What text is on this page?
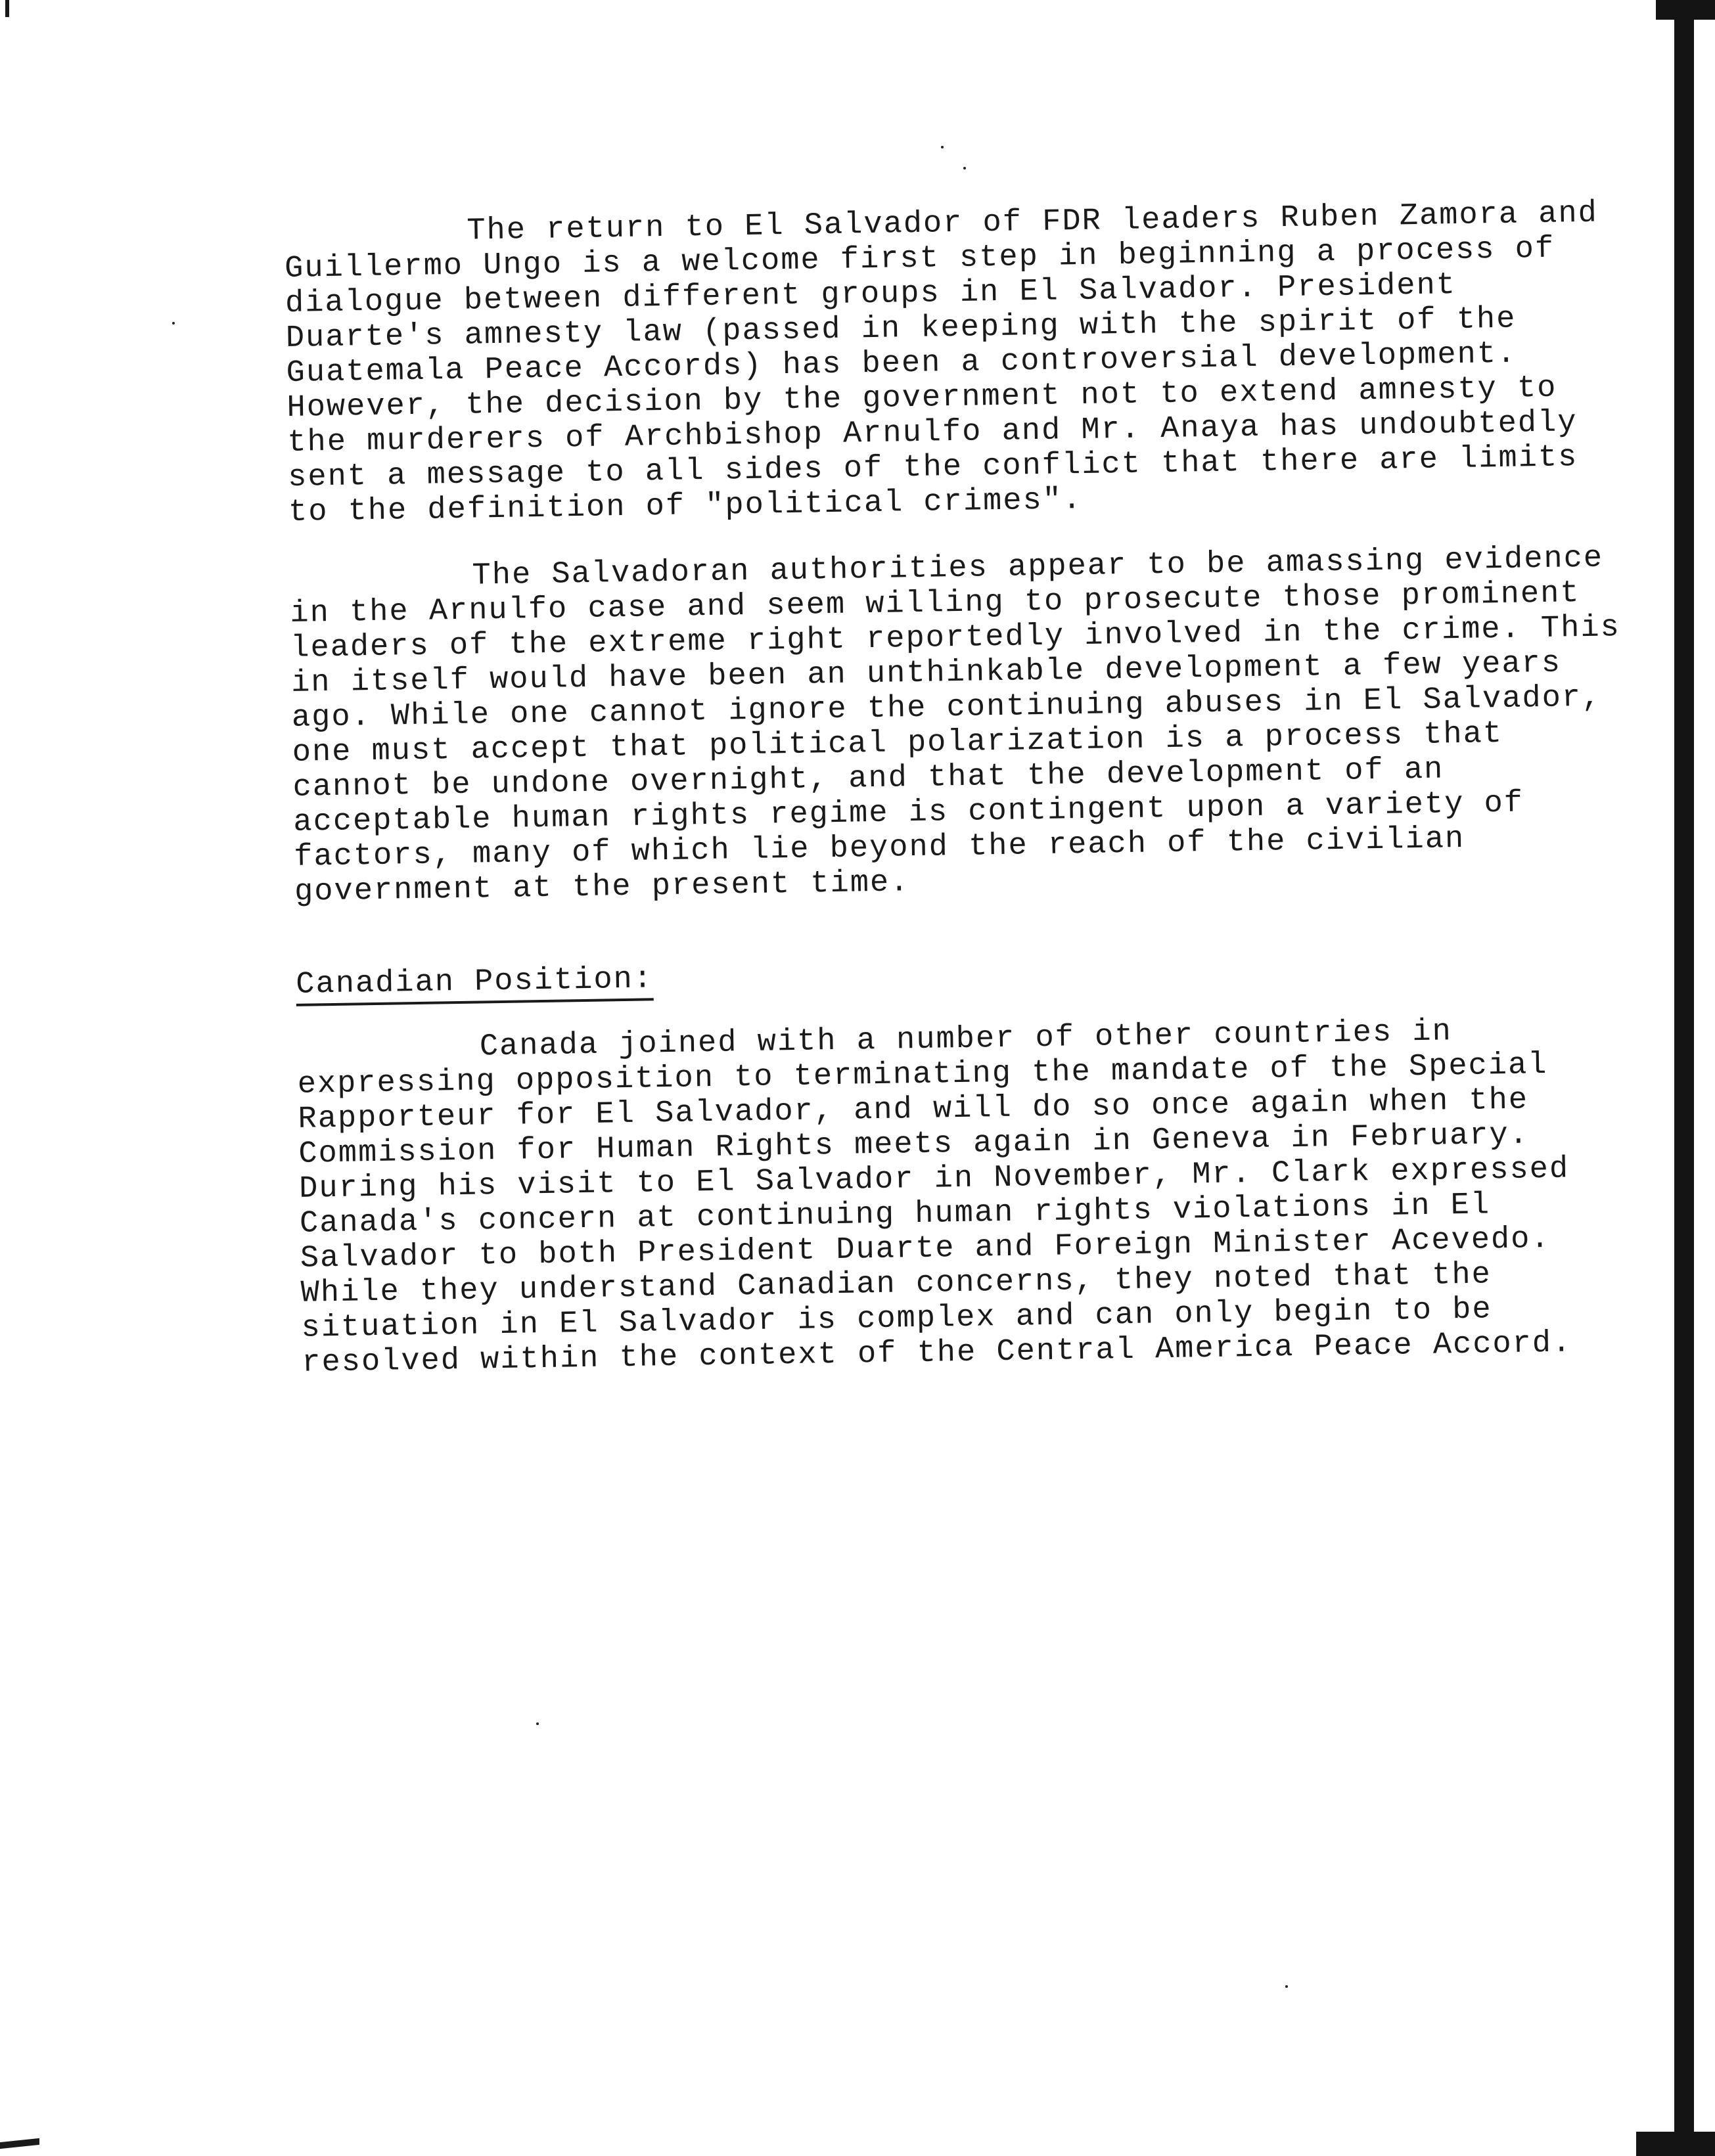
The return to El Salvador of FDR leaders Ruben Zamora and Guillermo Ungo is a welcome first step in beginning a process of dialogue between different groups in El Salvador. President Duarte's amnesty law (passed in keeping with the spirit of the Guatemala Peace Accords) has been a controversial development. However, the decision by the government not to extend amnesty to the murderers of Archbishop Arnulfo and Mr. Anaya has undoubtedly sent a message to all sides of the conflict that there are limits to the definition of "political crimes".

The Salvadoran authorities appear to be amassing evidence in the Arnulfo case and seem willing to prosecute those prominent leaders of the extreme right reportedly involved in the crime. This in itself would have been an unthinkable development a few years ago. While one cannot ignore the continuing abuses in El Salvador, one must accept that political polarization is a process that cannot be undone overnight, and that the development of an acceptable human rights regime is contingent upon a variety of factors, many of which lie beyond the reach of the civilian government at the present time.

Canadian Position:

Canada joined with a number of other countries in expressing opposition to terminating the mandate of the Special Rapporteur for El Salvador, and will do so once again when the Commission for Human Rights meets again in Geneva in February. During his visit to El Salvador in November, Mr. Clark expressed Canada's concern at continuing human rights violations in El Salvador to both President Duarte and Foreign Minister Acevedo. While they understand Canadian concerns, they noted that the situation in El Salvador is complex and can only begin to be resolved within the context of the Central America Peace Accord.
